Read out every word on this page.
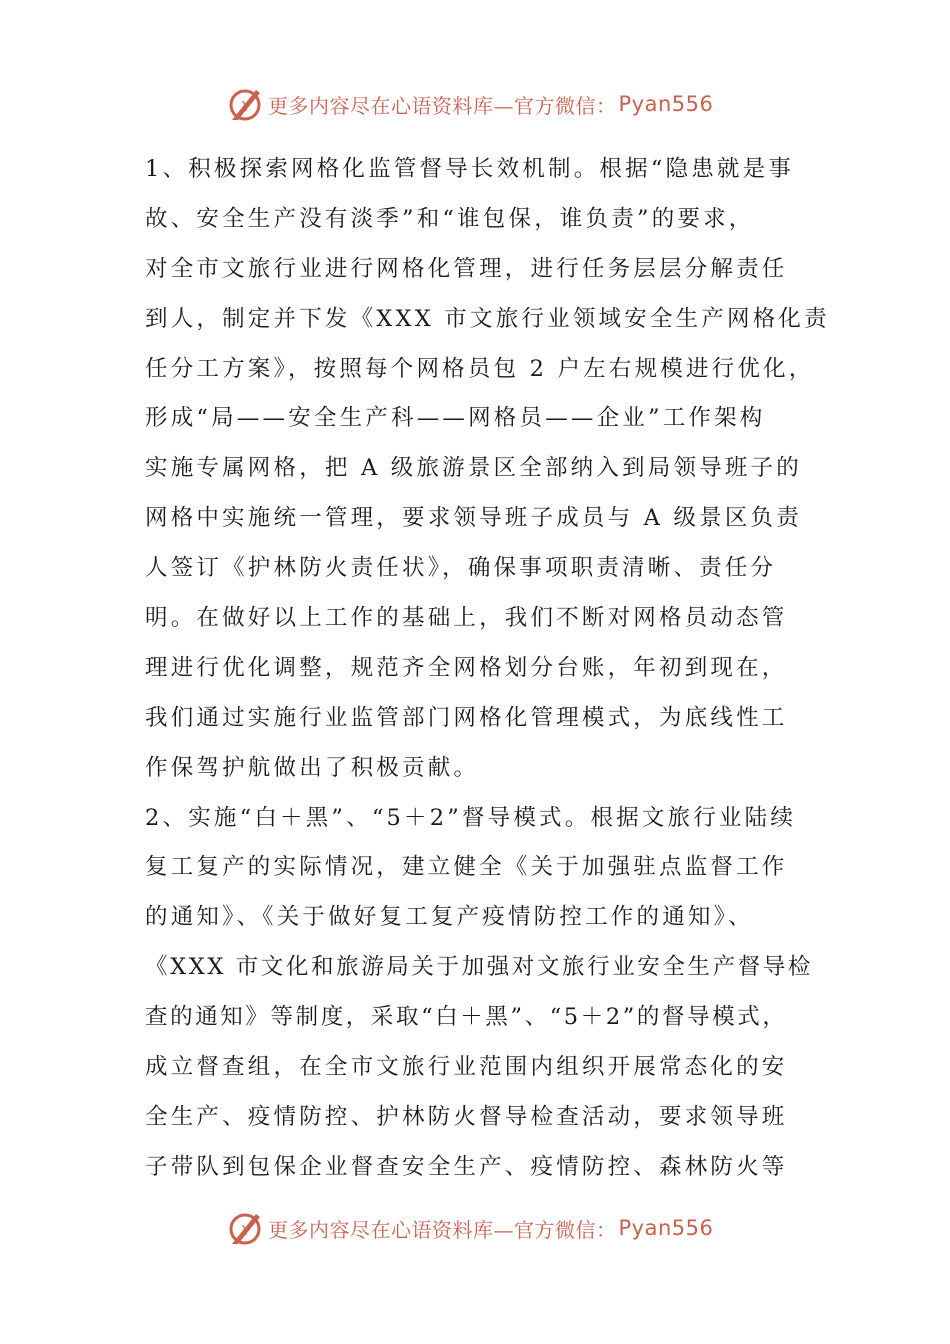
Y 更多内容尽在心语资料库—官方微信： Pyan556
1、积极探索网格化监管督导长效机制。根据“隐患就是事
故、安全生产没有淡季”和“谁包保，谁负责”的要求，
对全市文旅行业进行网格化管理，进行任务层层分解责任
到人，制定并下发《XXX 市文旅行业领域安全生产网格化责
任分工方案》，按照每个网格员包 2 户左右规模进行优化，
形成“局——安全生产科——网格员——企业”工作架构
实施专属网格，把 A 级旅游景区全部纳入到局领导班子的
网格中实施统一管理，要求领导班子成员与 A 级景区负责
人签订《护林防火责任状》，确保事项职责清晰、责任分
明。在做好以上工作的基础上，我们不断对网格员动态管
理进行优化调整，规范齐全网格划分台账，年初到现在，
我们通过实施行业监管部门网格化管理模式，为底线性工
作保驾护航做出了积极贡献。
2、实施“白＋黑”、“5＋2”督导模式。根据文旅行业陆续
复工复产的实际情况，建立健全《关于加强驻点监督工作
的通知》、《关于做好复工复产疫情防控工作的通知》、
《XXX 市文化和旅游局关于加强对文旅行业安全生产督导检
查的通知》等制度，采取“白＋黑”、“5＋2”的督导模式，
成立督查组，在全市文旅行业范围内组织开展常态化的安
全生产、疫情防控、护林防火督导检查活动，要求领导班
子带队到包保企业督查安全生产、疫情防控、森林防火等
Y 更多内容尽在心语资料库—官方微信： Pyan556
